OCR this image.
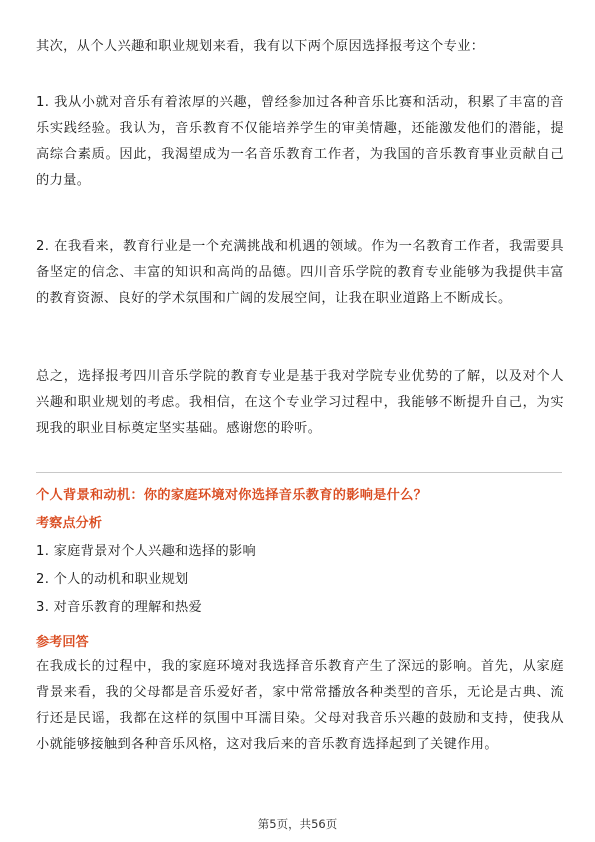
其次，从个人兴趣和职业规划来看，我有以下两个原因选择报考这个专业：

1. 我从小就对音乐有着浓厚的兴趣，曾经参加过各种音乐比赛和活动，积累了丰富的音乐实践经验。我认为，音乐教育不仅能培养学生的审美情趣，还能激发他们的潜能，提高综合素质。因此，我渴望成为一名音乐教育工作者，为我国的音乐教育事业贡献自己的力量。

2. 在我看来，教育行业是一个充满挑战和机遇的领域。作为一名教育工作者，我需要具备坚定的信念、丰富的知识和高尚的品德。四川音乐学院的教育专业能够为我提供丰富的教育资源、良好的学术氛围和广阔的发展空间，让我在职业道路上不断成长。

总之，选择报考四川音乐学院的教育专业是基于我对学院专业优势的了解，以及对个人兴趣和职业规划的考虑。我相信，在这个专业学习过程中，我能够不断提升自己，为实现我的职业目标奠定坚实基础。感谢您的聆听。

个人背景和动机：你的家庭环境对你选择音乐教育的影响是什么？

考察点分析

1. 家庭背景对个人兴趣和选择的影响
2. 个人的动机和职业规划
3. 对音乐教育的理解和热爱

参考回答

在我成长的过程中，我的家庭环境对我选择音乐教育产生了深远的影响。首先，从家庭背景来看，我的父母都是音乐爱好者，家中常常播放各种类型的音乐，无论是古典、流行还是民谣，我都在这样的氛围中耳濡目染。父母对我音乐兴趣的鼓励和支持，使我从小就能够接触到各种音乐风格，这对我后来的音乐教育选择起到了关键作用。

第5页，共56页
